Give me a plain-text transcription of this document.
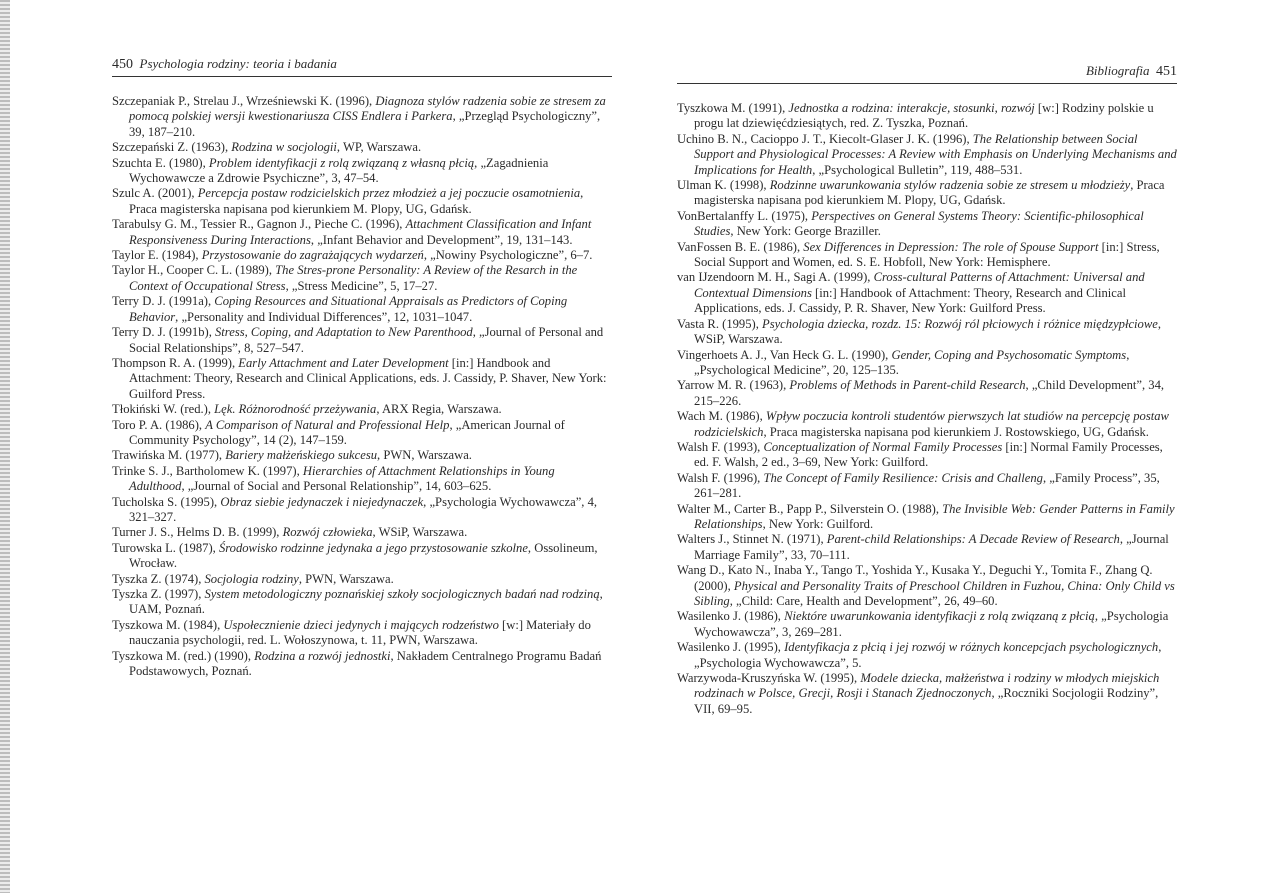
450 Psychologia rodziny: teoria i badania

Szczepaniak P., Strelau J., Wrześniewski K. (1996), Diagnoza stylów radzenia sobie ze stresem za pomocą polskiej wersji kwestionariusza CISS Endlera i Parkera, „Przegląd Psychologiczny”, 39, 187–210.

Szczepański Z. (1963), Rodzina w socjologii, WP, Warszawa.

Szuchta E. (1980), Problem identyfikacji z rolą związaną z własną płcią, „Zagadnienia Wychowawcze a Zdrowie Psychiczne”, 3, 47–54.

Szulc A. (2001), Percepcja postaw rodzicielskich przez młodzież a jej poczucie osamotnienia, Praca magisterska napisana pod kierunkiem M. Plopy, UG, Gdańsk.

Tarabulsy G. M., Tessier R., Gagnon J., Pieche C. (1996), Attachment Classification and Infant Responsiveness During Interactions, „Infant Behavior and Development”, 19, 131–143.

Taylor E. (1984), Przystosowanie do zagrażających wydarzeń, „Nowiny Psychologiczne”, 6–7.

Taylor H., Cooper C. L. (1989), The Stres-prone Personality: A Review of the Resarch in the Context of Occupational Stress, „Stress Medicine”, 5, 17–27.

Terry D. J. (1991a), Coping Resources and Situational Appraisals as Predictors of Coping Behavior, „Personality and Individual Differences”, 12, 1031–1047.

Terry D. J. (1991b), Stress, Coping, and Adaptation to New Parenthood, „Journal of Personal and Social Relationships”, 8, 527–547.

Thompson R. A. (1999), Early Attachment and Later Development [in:] Handbook and Attachment: Theory, Research and Clinical Applications, eds. J. Cassidy, P. Shaver, New York: Guilford Press.

Tłokiński W. (red.), Lęk. Różnorodność przeżywania, ARX Regia, Warszawa.

Toro P. A. (1986), A Comparison of Natural and Professional Help, „American Journal of Community Psychology”, 14 (2), 147–159.

Trawińska M. (1977), Bariery małżeńskiego sukcesu, PWN, Warszawa.

Trinke S. J., Bartholomew K. (1997), Hierarchies of Attachment Relationships in Young Adulthood, „Journal of Social and Personal Relationship”, 14, 603–625.

Tucholska S. (1995), Obraz siebie jedynaczek i niejedynaczek, „Psychologia Wychowawcza”, 4, 321–327.

Turner J. S., Helms D. B. (1999), Rozwój człowieka, WSiP, Warszawa.

Turowska L. (1987), Środowisko rodzinne jedynaka a jego przystosowanie szkolne, Ossolineum, Wrocław.

Tyszka Z. (1974), Socjologia rodziny, PWN, Warszawa.

Tyszka Z. (1997), System metodologiczny poznańskiej szkoły socjologicznych badań nad rodziną, UAM, Poznań.

Tyszkowa M. (1984), Uspołecznienie dzieci jedynych i mających rodzeństwo [w:] Materiały do nauczania psychologii, red. L. Wołoszynowa, t. 11, PWN, Warszawa.

Tyszkowa M. (red.) (1990), Rodzina a rozwój jednostki, Nakładem Centralnego Programu Badań Podstawowych, Poznań.

Bibliografia 451

Tyszkowa M. (1991), Jednostka a rodzina: interakcje, stosunki, rozwój [w:] Rodziny polskie u progu lat dziewięćdziesiątych, red. Z. Tyszka, Poznań.

Uchino B. N., Cacioppo J. T., Kiecolt-Glaser J. K. (1996), The Relationship between Social Support and Physiological Processes: A Review with Emphasis on Underlying Mechanisms and Implications for Health, „Psychological Bulletin”, 119, 488–531.

Ulman K. (1998), Rodzinne uwarunkowania stylów radzenia sobie ze stresem u młodzieży, Praca magisterska napisana pod kierunkiem M. Plopy, UG, Gdańsk.

VonBertalanffy L. (1975), Perspectives on General Systems Theory: Scientific-philosophical Studies, New York: George Braziller.

VanFossen B. E. (1986), Sex Differences in Depression: The role of Spouse Support [in:] Stress, Social Support and Women, ed. S. E. Hobfoll, New York: Hemisphere.

van IJzendoorn M. H., Sagi A. (1999), Cross-cultural Patterns of Attachment: Universal and Contextual Dimensions [in:] Handbook of Attachment: Theory, Research and Clinical Applications, eds. J. Cassidy, P. R. Shaver, New York: Guilford Press.

Vasta R. (1995), Psychologia dziecka, rozdz. 15: Rozwój ról płciowych i różnice międzypłciowe, WSiP, Warszawa.

Vingerhoets A. J., Van Heck G. L. (1990), Gender, Coping and Psychosomatic Symptoms, „Psychological Medicine”, 20, 125–135.

Yarrow M. R. (1963), Problems of Methods in Parent-child Research, „Child Development”, 34, 215–226.

Wach M. (1986), Wpływ poczucia kontroli studentów pierwszych lat studiów na percepcję postaw rodzicielskich, Praca magisterska napisana pod kierunkiem J. Rostowskiego, UG, Gdańsk.

Walsh F. (1993), Conceptualization of Normal Family Processes [in:] Normal Family Processes, ed. F. Walsh, 2 ed., 3–69, New York: Guilford.

Walsh F. (1996), The Concept of Family Resilience: Crisis and Challeng, „Family Process”, 35, 261–281.

Walter M., Carter B., Papp P., Silverstein O. (1988), The Invisible Web: Gender Patterns in Family Relationships, New York: Guilford.

Walters J., Stinnet N. (1971), Parent-child Relationships: A Decade Review of Research, „Journal Marriage Family”, 33, 70–111.

Wang D., Kato N., Inaba Y., Tango T., Yoshida Y., Kusaka Y., Deguchi Y., Tomita F., Zhang Q. (2000), Physical and Personality Traits of Preschool Children in Fuzhou, China: Only Child vs Sibling, „Child: Care, Health and Development”, 26, 49–60.

Wasilenko J. (1986), Niektóre uwarunkowania identyfikacji z rolą związaną z płcią, „Psychologia Wychowawcza”, 3, 269–281.

Wasilenko J. (1995), Identyfikacja z płcią i jej rozwój w różnych koncepcjach psychologicznych, „Psychologia Wychowawcza”, 5.

Warzywoda-Kruszyńska W. (1995), Modele dziecka, małżeństwa i rodziny w młodych miejskich rodzinach w Polsce, Grecji, Rosji i Stanach Zjednoczonych, „Roczniki Socjologii Rodziny”, VII, 69–95.
